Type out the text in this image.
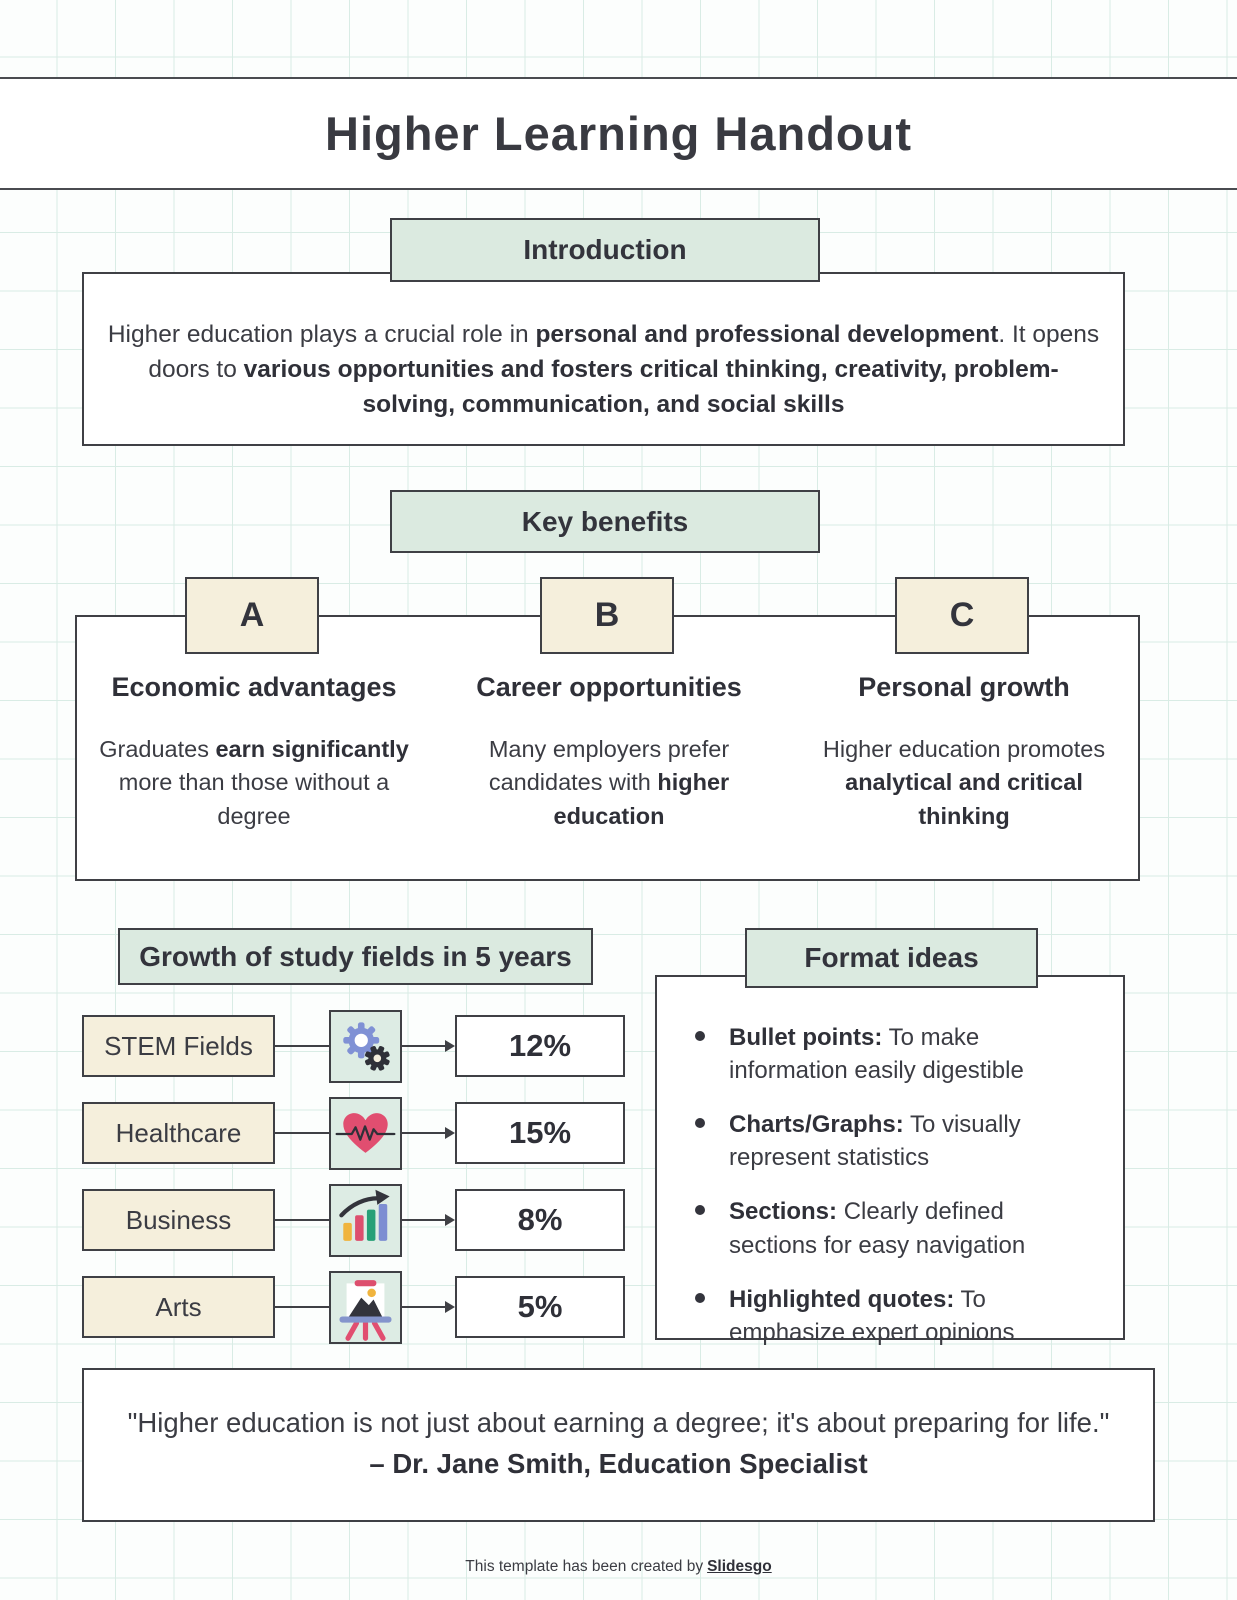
Higher Learning Handout
Introduction

Higher education plays a crucial role in personal and professional development. It opens doors to various opportunities and fosters critical thinking, creativity, problem-solving, communication, and social skills

Key benefits
A	B	C
Economic advantages

Graduates earn significantly more than those without a degree

Career opportunities

Many employers prefer candidates with higher education

Personal growth

Higher education promotes analytical and critical thinking

Growth of study fields in 5 years
STEM Fields	12%
Healthcare	15%
Business	8%
Arts	5%
Format ideas
Bullet points: To make information easily digestible
Charts/Graphs: To visually represent statistics
Sections: Clearly defined sections for easy navigation
Highlighted quotes: To emphasize expert opinions

"Higher education is not just about earning a degree; it's about preparing for life."

– Dr. Jane Smith, Education Specialist

This template has been created by Slidesgo
